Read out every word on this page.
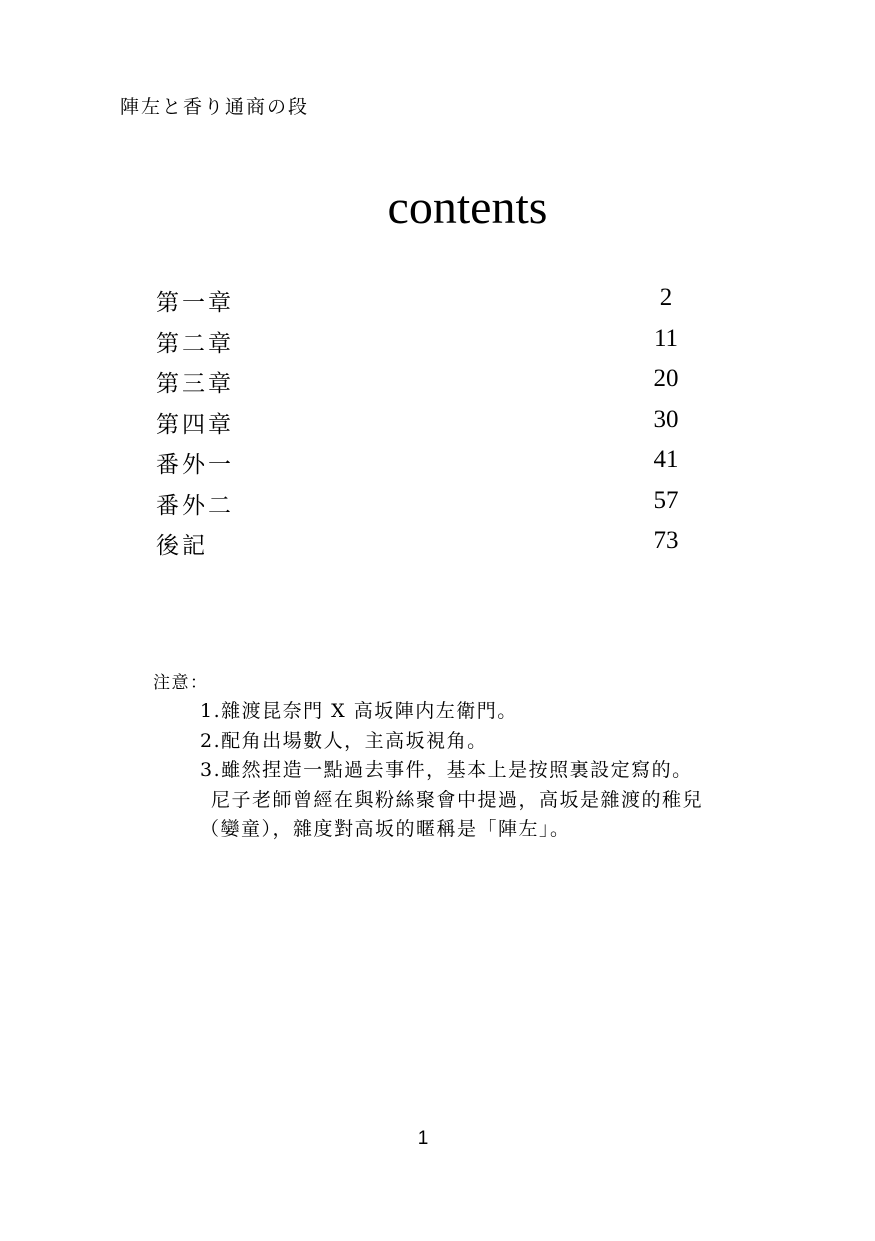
陣左と香り通商の段
contents
第一章	2
第二章	11
第三章	20
第四章	30
番外一	41
番外二	57
後記	73
注意：
1.雜渡昆奈門 X 高坂陣内左衛門。
2.配角出場數人，主高坂視角。
3.雖然捏造一點過去事件，基本上是按照裏設定寫的。
尼子老師曾經在與粉絲聚會中提過，高坂是雜渡的稚兒
（孌童），雜度對高坂的暱稱是「陣左」。
1
